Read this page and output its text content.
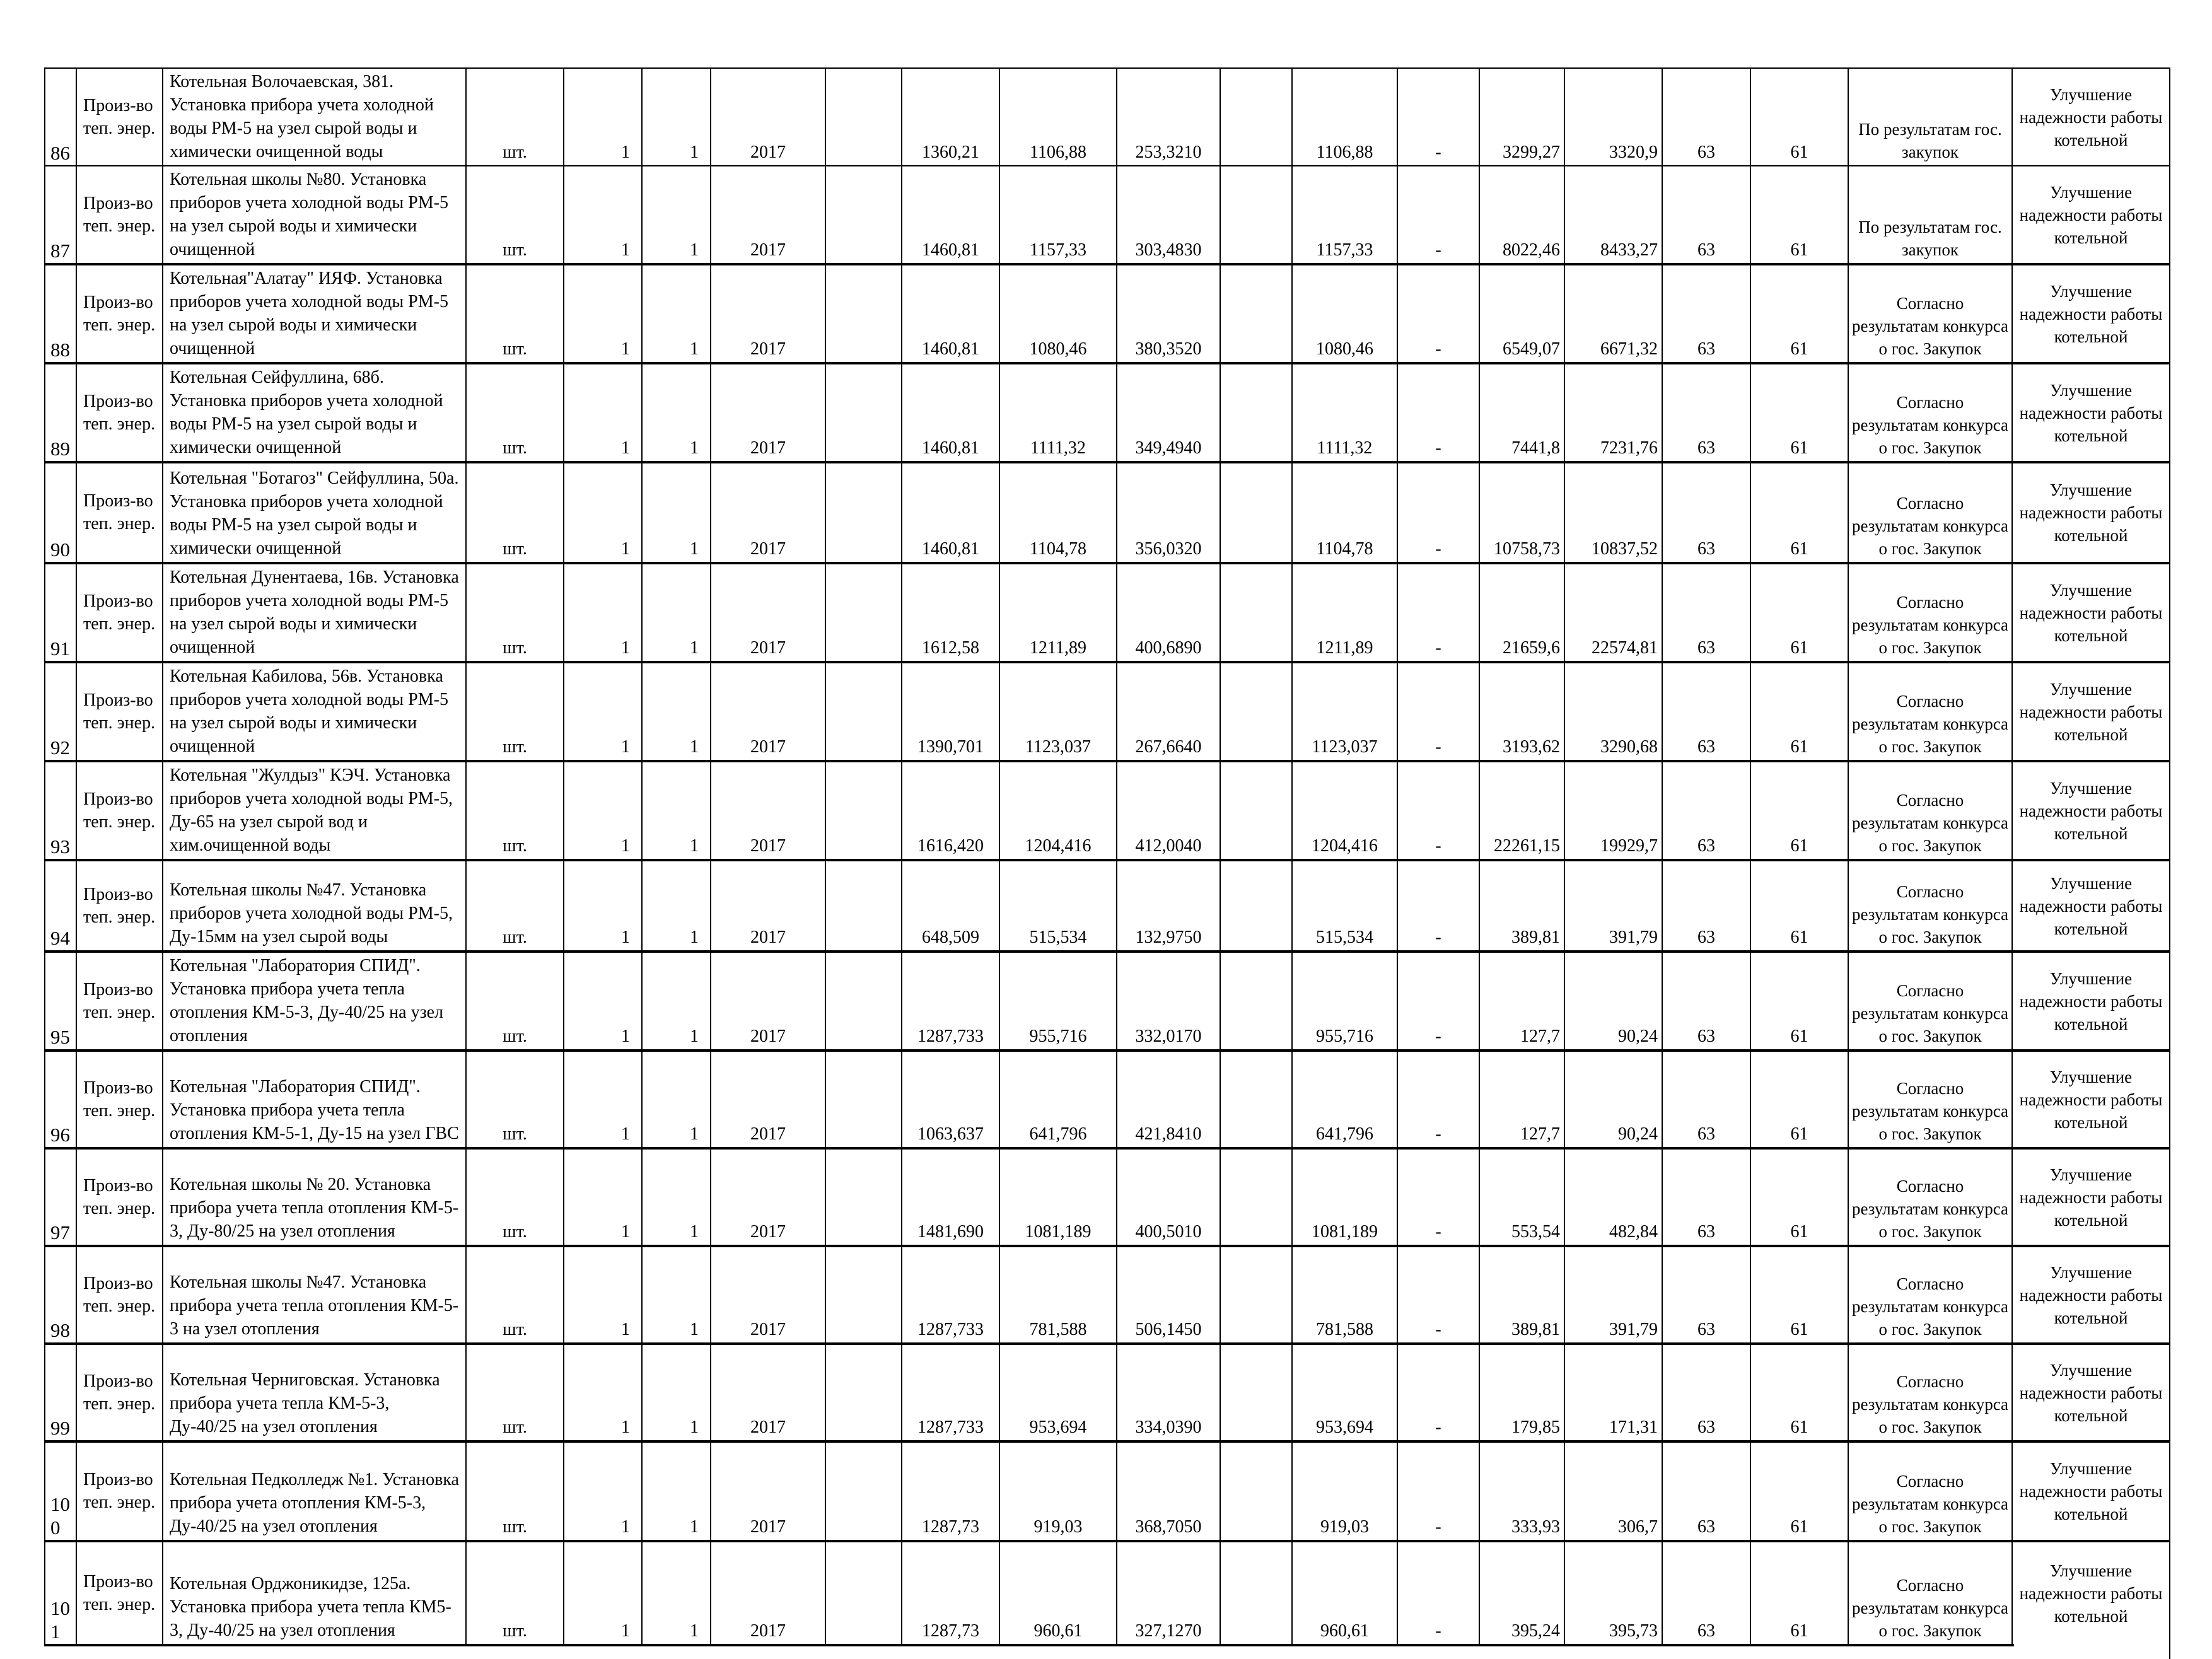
86	Произ-во теп. энер.	Котельная Волочаевская, 381. Установка прибора учета холодной воды РМ-5 на узел сырой воды и химически очищенной воды	шт.	1	1	2017		1360,21	1106,88	253,3210		1106,88	-	3299,27	3320,9	63	61	По результатам гос. закупок	Улучшение надежности работы котельной
87	Произ-во теп. энер.	Котельная школы №80. Установка приборов учета холодной воды РМ-5 на узел сырой воды и химически очищенной	шт.	1	1	2017		1460,81	1157,33	303,4830		1157,33	-	8022,46	8433,27	63	61	По результатам гос. закупок	Улучшение надежности работы котельной
88	Произ-во теп. энер.	Котельная"Алатау" ИЯФ. Установка приборов учета холодной воды РМ-5 на узел сырой воды и химически очищенной	шт.	1	1	2017		1460,81	1080,46	380,3520		1080,46	-	6549,07	6671,32	63	61	Согласно результатам конкурса о гос. Закупок	Улучшение надежности работы котельной
89	Произ-во теп. энер.	Котельная Сейфуллина, 68б. Установка приборов учета холодной воды РМ-5 на узел сырой воды и химически очищенной	шт.	1	1	2017		1460,81	1111,32	349,4940		1111,32	-	7441,8	7231,76	63	61	Согласно результатам конкурса о гос. Закупок	Улучшение надежности работы котельной
90	Произ-во теп. энер.	Котельная "Ботагоз" Сейфуллина, 50а. Установка приборов учета холодной воды РМ-5 на узел сырой воды и химически очищенной	шт.	1	1	2017		1460,81	1104,78	356,0320		1104,78	-	10758,73	10837,52	63	61	Согласно результатам конкурса о гос. Закупок	Улучшение надежности работы котельной
91	Произ-во теп. энер.	Котельная Дунентаева, 16в. Установка приборов учета холодной воды РМ-5 на узел сырой воды и химически очищенной	шт.	1	1	2017		1612,58	1211,89	400,6890		1211,89	-	21659,6	22574,81	63	61	Согласно результатам конкурса о гос. Закупок	Улучшение надежности работы котельной
92	Произ-во теп. энер.	Котельная Кабилова, 56в. Установка приборов учета холодной воды РМ-5 на узел сырой воды и химически очищенной	шт.	1	1	2017		1390,701	1123,037	267,6640		1123,037	-	3193,62	3290,68	63	61	Согласно результатам конкурса о гос. Закупок	Улучшение надежности работы котельной
93	Произ-во теп. энер.	Котельная "Жулдыз" КЭЧ. Установка приборов учета холодной воды РМ-5, Ду-65 на узел сырой вод и хим.очищенной воды	шт.	1	1	2017		1616,420	1204,416	412,0040		1204,416	-	22261,15	19929,7	63	61	Согласно результатам конкурса о гос. Закупок	Улучшение надежности работы котельной
94	Произ-во теп. энер.	Котельная школы №47. Установка приборов учета холодной воды РМ-5, Ду-15мм на узел сырой воды	шт.	1	1	2017		648,509	515,534	132,9750		515,534	-	389,81	391,79	63	61	Согласно результатам конкурса о гос. Закупок	Улучшение надежности работы котельной
95	Произ-во теп. энер.	Котельная "Лаборатория СПИД". Установка прибора учета тепла отопления КМ-5-3, Ду-40/25 на узел отопления	шт.	1	1	2017		1287,733	955,716	332,0170		955,716	-	127,7	90,24	63	61	Согласно результатам конкурса о гос. Закупок	Улучшение надежности работы котельной
96	Произ-во теп. энер.	Котельная "Лаборатория СПИД". Установка прибора учета тепла отопления КМ-5-1, Ду-15 на узел ГВС	шт.	1	1	2017		1063,637	641,796	421,8410		641,796	-	127,7	90,24	63	61	Согласно результатам конкурса о гос. Закупок	Улучшение надежности работы котельной
97	Произ-во теп. энер.	Котельная школы № 20. Установка прибора учета тепла отопления КМ-5-3, Ду-80/25 на узел отопления	шт.	1	1	2017		1481,690	1081,189	400,5010		1081,189	-	553,54	482,84	63	61	Согласно результатам конкурса о гос. Закупок	Улучшение надежности работы котельной
98	Произ-во теп. энер.	Котельная школы №47. Установка прибора учета тепла отопления КМ-5-3 на узел отопления	шт.	1	1	2017		1287,733	781,588	506,1450		781,588	-	389,81	391,79	63	61	Согласно результатам конкурса о гос. Закупок	Улучшение надежности работы котельной
99	Произ-во теп. энер.	Котельная Черниговская. Установка прибора учета тепла КМ-5-3, Ду-40/25 на узел отопления	шт.	1	1	2017		1287,733	953,694	334,0390		953,694	-	179,85	171,31	63	61	Согласно результатам конкурса о гос. Закупок	Улучшение надежности работы котельной
100	Произ-во теп. энер.	Котельная Педколледж №1. Установка прибора учета отопления КМ-5-3, Ду-40/25 на узел отопления	шт.	1	1	2017		1287,73	919,03	368,7050		919,03	-	333,93	306,7	63	61	Согласно результатам конкурса о гос. Закупок	Улучшение надежности работы котельной
101	Произ-во теп. энер.	Котельная Орджоникидзе, 125а. Установка прибора учета тепла КМ5-3, Ду-40/25 на узел отопления	шт.	1	1	2017		1287,73	960,61	327,1270		960,61	-	395,24	395,73	63	61	Согласно результатам конкурса о гос. Закупок	Улучшение надежности работы котельной
